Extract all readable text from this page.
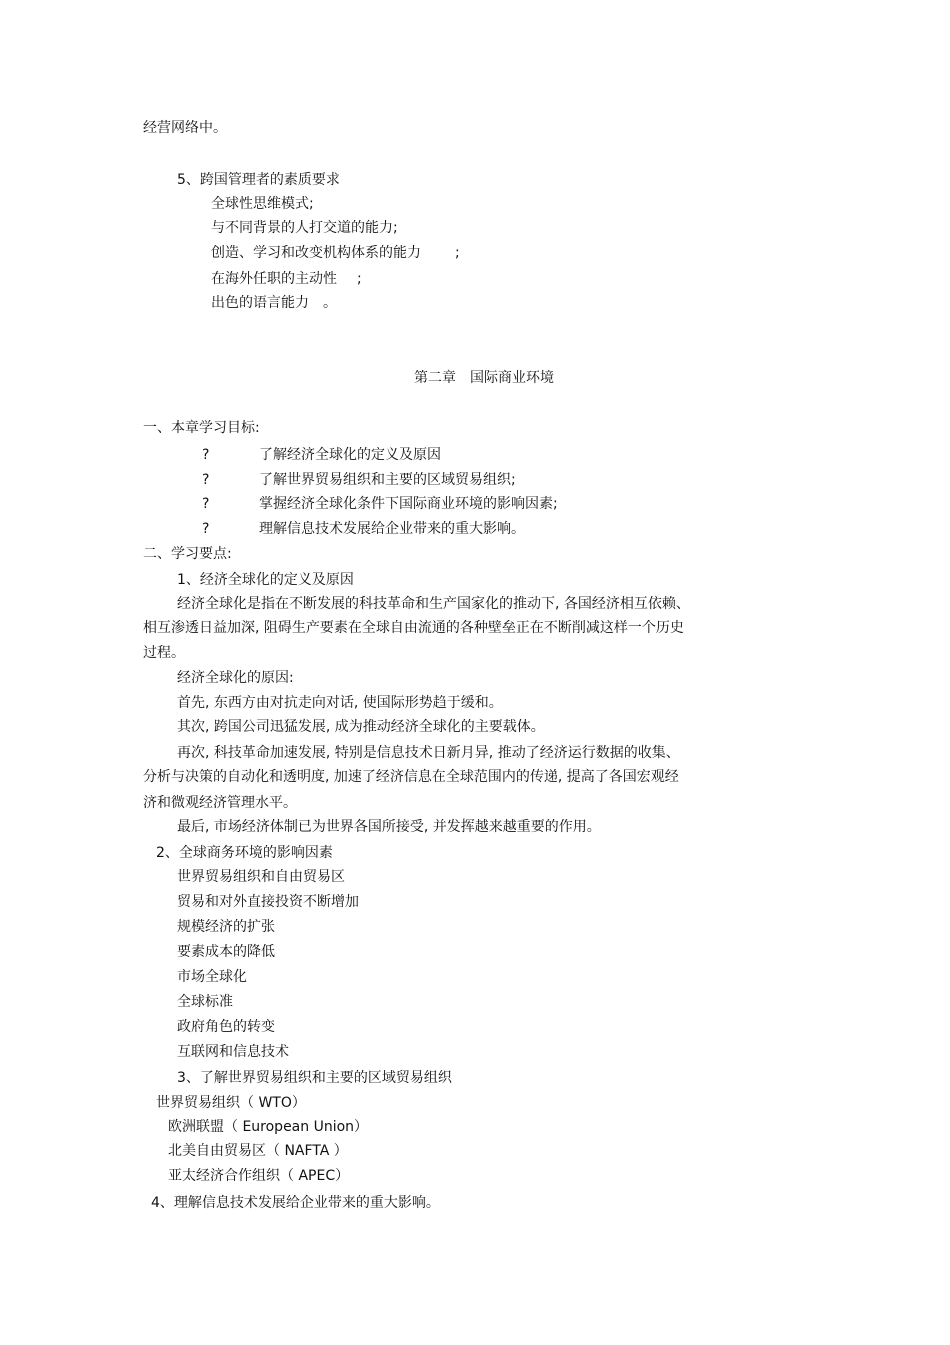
经营网络中。
5、跨国管理者的素质要求
全球性思维模式;
与不同背景的人打交道的能力;
创造、学习和改变机构体系的能力 ;
在海外任职的主动性 ;
出色的语言能力 。
第二章 国际商业环境
一、本章学习目标:
?	了解经济全球化的定义及原因
?	了解世界贸易组织和主要的区域贸易组织;
?	掌握经济全球化条件下国际商业环境的影响因素;
?	理解信息技术发展给企业带来的重大影响。
二、学习要点:
1、经济全球化的定义及原因
经济全球化是指在不断发展的科技革命和生产国家化的推动下, 各国经济相互依赖、
相互渗透日益加深, 阻碍生产要素在全球自由流通的各种壁垒正在不断削减这样一个历史
过程。
经济全球化的原因:
首先, 东西方由对抗走向对话, 使国际形势趋于缓和。
其次, 跨国公司迅猛发展, 成为推动经济全球化的主要载体。
再次, 科技革命加速发展, 特别是信息技术日新月异, 推动了经济运行数据的收集、
分析与决策的自动化和透明度, 加速了经济信息在全球范围内的传递, 提高了各国宏观经
济和微观经济管理水平。
最后, 市场经济体制已为世界各国所接受, 并发挥越来越重要的作用。
2、全球商务环境的影响因素
世界贸易组织和自由贸易区
贸易和对外直接投资不断增加
规模经济的扩张
要素成本的降低
市场全球化
全球标准
政府角色的转变
互联网和信息技术
3、了解世界贸易组织和主要的区域贸易组织
世界贸易组织（ WTO）
欧洲联盟（ European Union）
北美自由贸易区（ NAFTA ）
亚太经济合作组织（ APEC）
4、理解信息技术发展给企业带来的重大影响。
